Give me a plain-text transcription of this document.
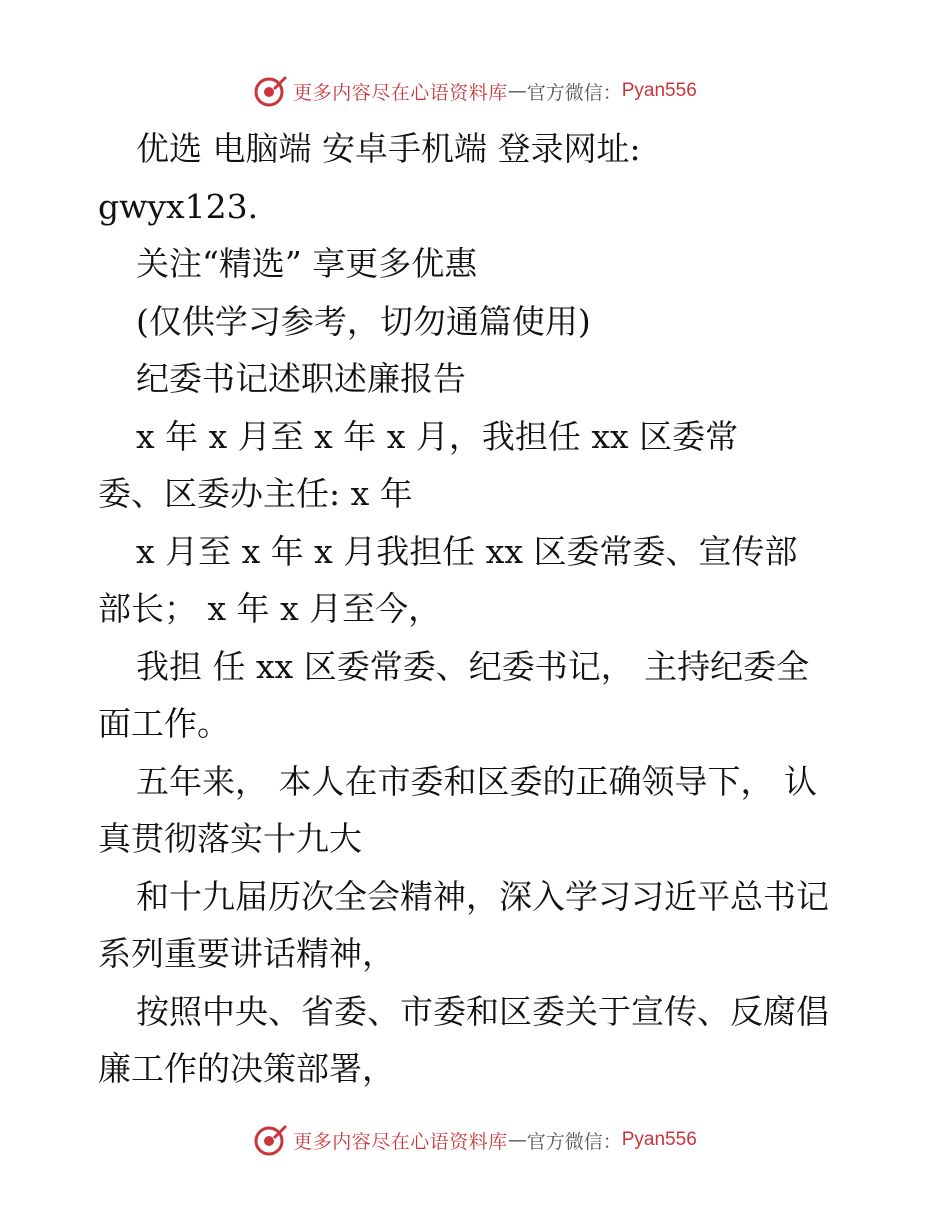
更多内容尽在心语资料库 — 官方微信： Pyan556
优选 电脑端 安卓手机端 登录网址:
gwyx123.
关注“精选” 享更多优惠
(仅供学习参考，切勿通篇使用)
纪委书记述职述廉报告
x 年 x 月至 x 年 x 月，我担任 xx 区委常
委、区委办主任: x 年
x 月至 x 年 x 月我担任 xx 区委常委、宣传部
部长； x 年 x 月至今，
我担 任 xx 区委常委、纪委书记， 主持纪委全
面工作。
五年来， 本人在市委和区委的正确领导下， 认
真贯彻落实十九大
和十九届历次全会精神，深入学习习近平总书记
系列重要讲话精神，
按照中央、省委、市委和区委关于宣传、反腐倡
廉工作的决策部署，
更多内容尽在心语资料库 — 官方微信： Pyan556
